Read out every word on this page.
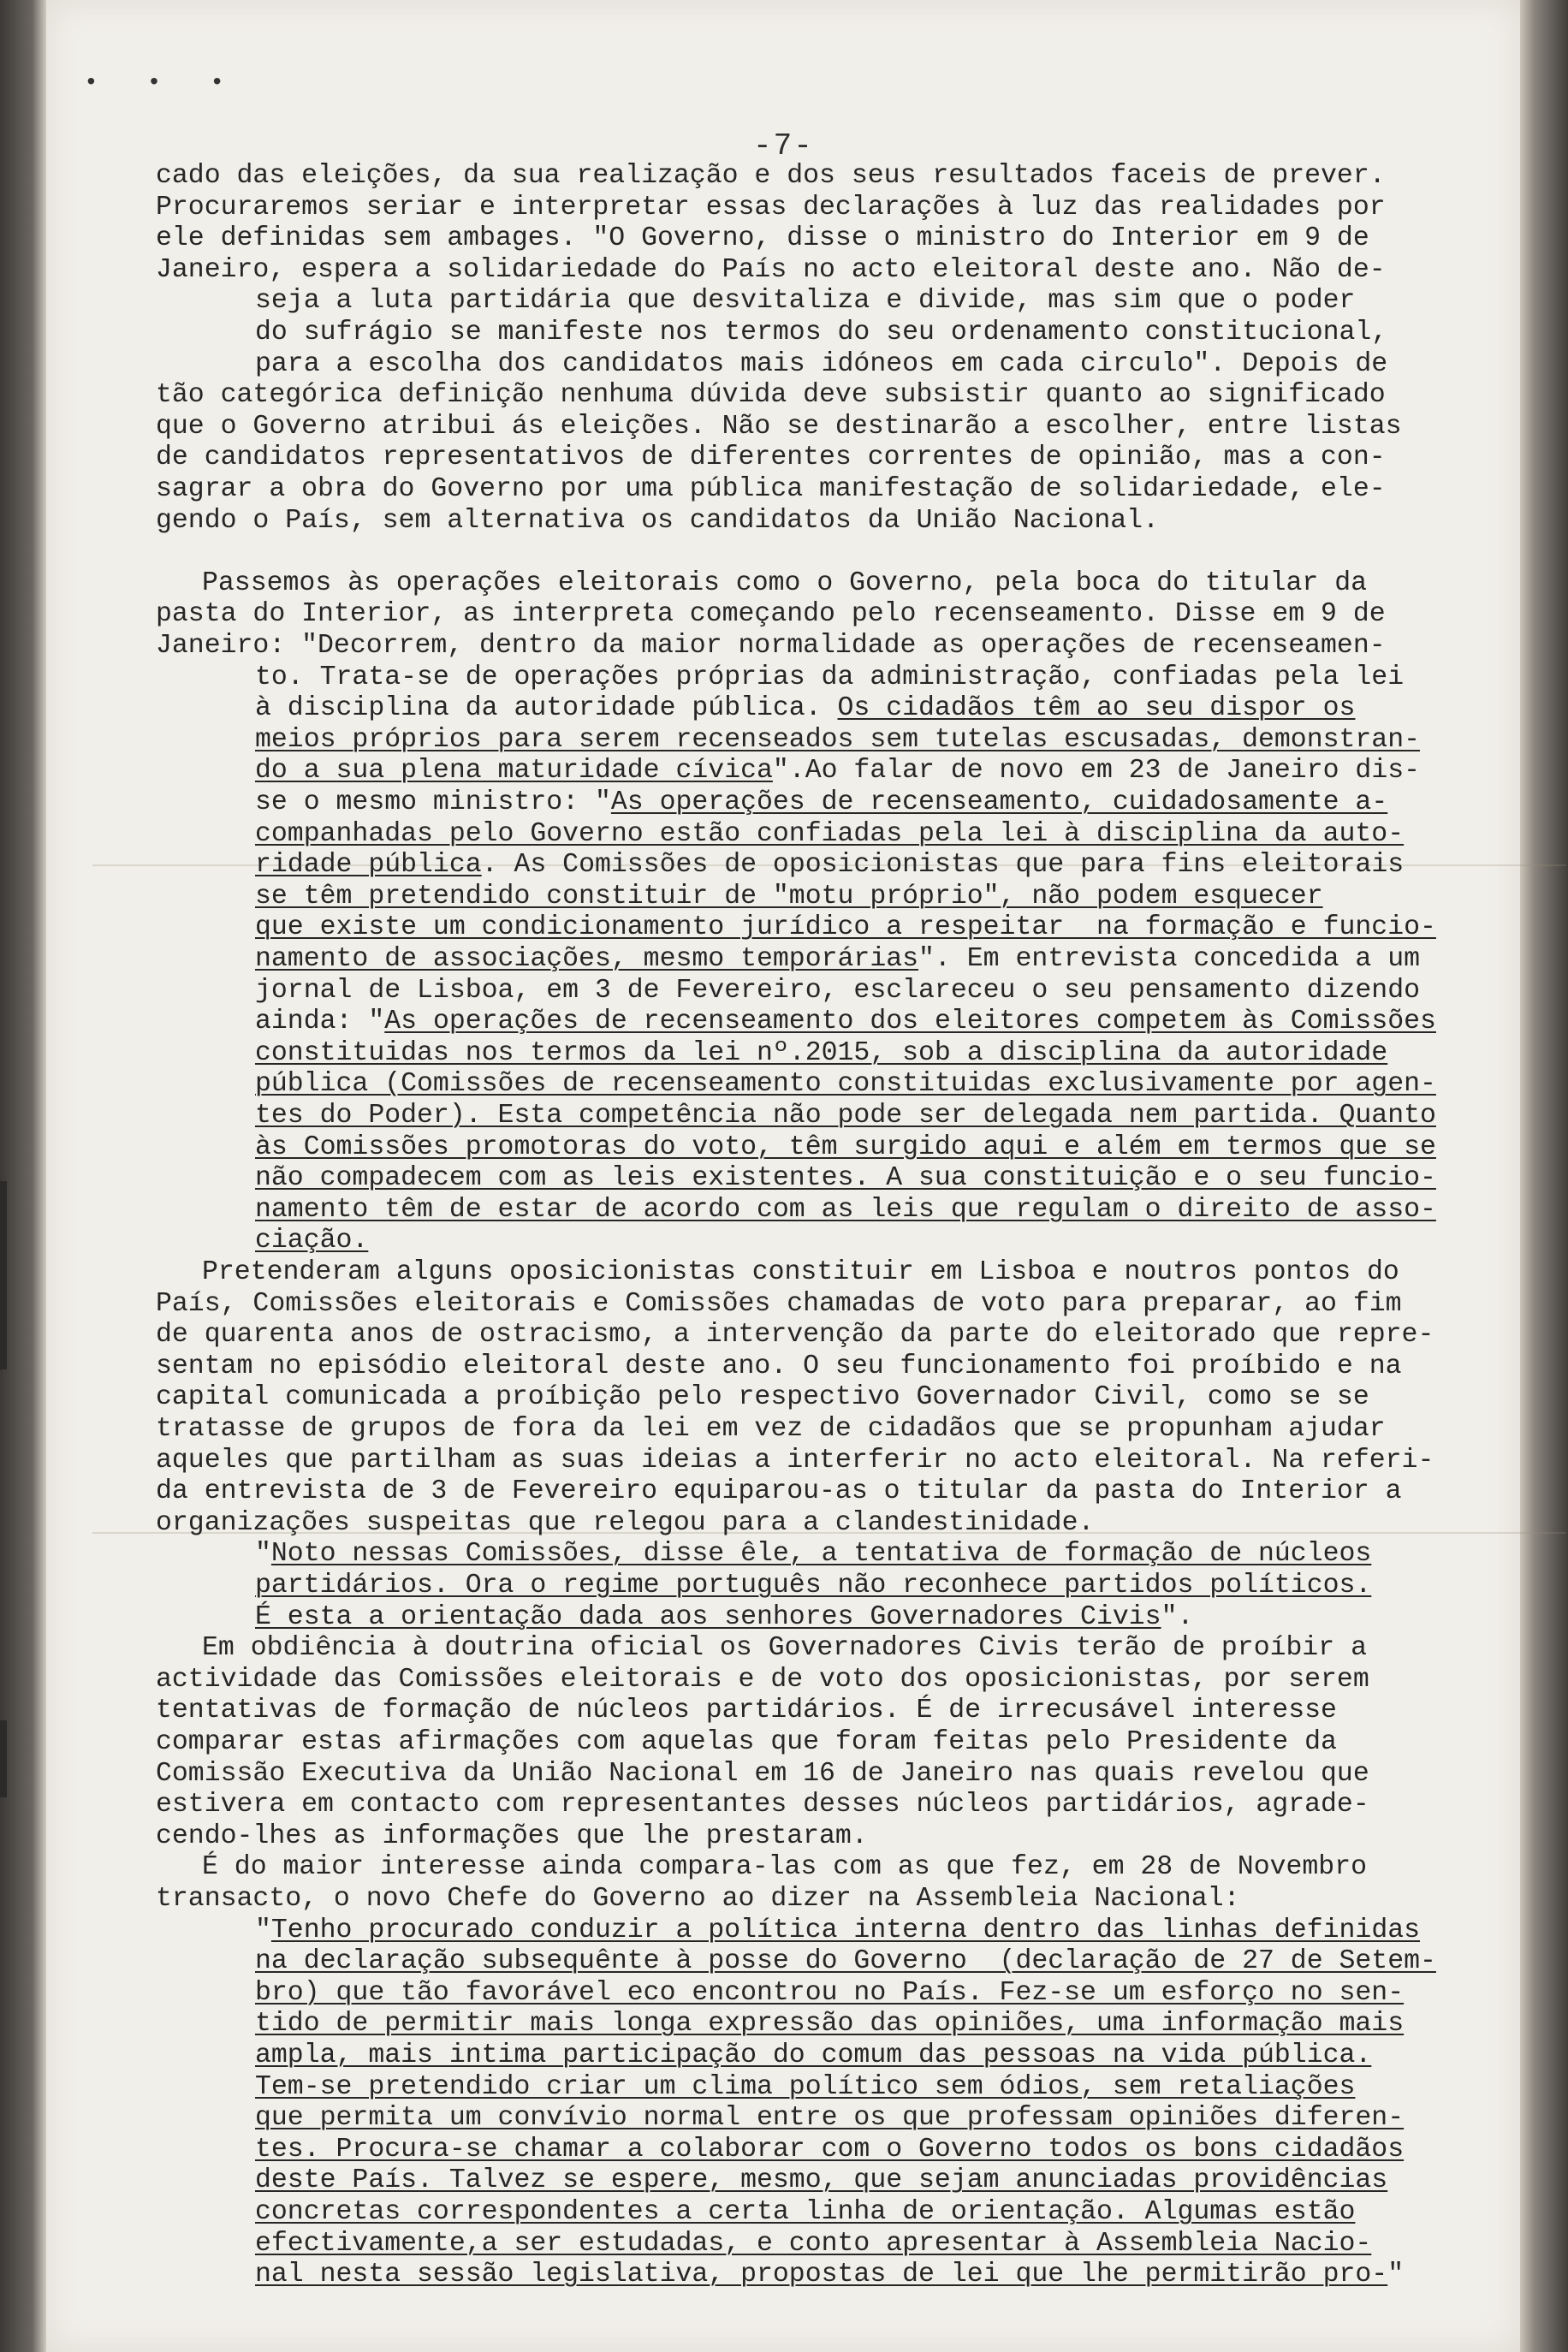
• • •
-7-
cado das eleições, da sua realização e dos seus resultados faceis de prever.
Procuraremos seriar e interpretar essas declarações à luz das realidades por
ele definidas sem ambages. "O Governo, disse o ministro do Interior em 9 de
Janeiro, espera a solidariedade do País no acto eleitoral deste ano. Não de-
seja a luta partidária que desvitaliza e divide, mas sim que o poder
do sufrágio se manifeste nos termos do seu ordenamento constitucional,
para a escolha dos candidatos mais idóneos em cada circulo". Depois de
tão categórica definição nenhuma dúvida deve subsistir quanto ao significado
que o Governo atribui ás eleições. Não se destinarão a escolher, entre listas
de candidatos representativos de diferentes correntes de opinião, mas a con-
sagrar a obra do Governo por uma pública manifestação de solidariedade, ele-
gendo o País, sem alternativa os candidatos da União Nacional.
Passemos às operações eleitorais como o Governo, pela boca do titular da
pasta do Interior, as interpreta começando pelo recenseamento. Disse em 9 de
Janeiro: "Decorrem, dentro da maior normalidade as operações de recenseamen-
to. Trata-se de operações próprias da administração, confiadas pela lei
à disciplina da autoridade pública. Os cidadãos têm ao seu dispor os
meios próprios para serem recenseados sem tutelas escusadas, demonstran-
do a sua plena maturidade cívica".Ao falar de novo em 23 de Janeiro dis-
se o mesmo ministro: "As operações de recenseamento, cuidadosamente a-
companhadas pelo Governo estão confiadas pela lei à disciplina da auto-
ridade pública. As Comissões de oposicionistas que para fins eleitorais
se têm pretendido constituir de "motu próprio", não podem esquecer
que existe um condicionamento jurídico a respeitar  na formação e funcio-
namento de associações, mesmo temporárias". Em entrevista concedida a um
jornal de Lisboa, em 3 de Fevereiro, esclareceu o seu pensamento dizendo
ainda: "As operações de recenseamento dos eleitores competem às Comissões
constituidas nos termos da lei nº.2015, sob a disciplina da autoridade
pública (Comissões de recenseamento constituidas exclusivamente por agen-
tes do Poder). Esta competência não pode ser delegada nem partida. Quanto
às Comissões promotoras do voto, têm surgido aqui e além em termos que se
não compadecem com as leis existentes. A sua constituição e o seu funcio-
namento têm de estar de acordo com as leis que regulam o direito de asso-
ciação.
Pretenderam alguns oposicionistas constituir em Lisboa e noutros pontos do
País, Comissões eleitorais e Comissões chamadas de voto para preparar, ao fim
de quarenta anos de ostracismo, a intervenção da parte do eleitorado que repre-
sentam no episódio eleitoral deste ano. O seu funcionamento foi proíbido e na
capital comunicada a proíbição pelo respectivo Governador Civil, como se se
tratasse de grupos de fora da lei em vez de cidadãos que se propunham ajudar
aqueles que partilham as suas ideias a interferir no acto eleitoral. Na referi-
da entrevista de 3 de Fevereiro equiparou-as o titular da pasta do Interior a
organizações suspeitas que relegou para a clandestinidade.
"Noto nessas Comissões, disse êle, a tentativa de formação de núcleos
partidários. Ora o regime português não reconhece partidos políticos.
É esta a orientação dada aos senhores Governadores Civis".
Em obdiência à doutrina oficial os Governadores Civis terão de proíbir a
actividade das Comissões eleitorais e de voto dos oposicionistas, por serem
tentativas de formação de núcleos partidários. É de irrecusável interesse
comparar estas afirmações com aquelas que foram feitas pelo Presidente da
Comissão Executiva da União Nacional em 16 de Janeiro nas quais revelou que
estivera em contacto com representantes desses núcleos partidários, agrade-
cendo-lhes as informações que lhe prestaram.
É do maior interesse ainda compara-las com as que fez, em 28 de Novembro
transacto, o novo Chefe do Governo ao dizer na Assembleia Nacional:
"Tenho procurado conduzir a política interna dentro das linhas definidas
na declaração subsequênte à posse do Governo  (declaração de 27 de Setem-
bro) que tão favorável eco encontrou no País. Fez-se um esforço no sen-
tido de permitir mais longa expressão das opiniões, uma informação mais
ampla, mais intima participação do comum das pessoas na vida pública.
Tem-se pretendido criar um clima político sem ódios, sem retaliações
que permita um convívio normal entre os que professam opiniões diferen-
tes. Procura-se chamar a colaborar com o Governo todos os bons cidadãos
deste País. Talvez se espere, mesmo, que sejam anunciadas providências
concretas correspondentes a certa linha de orientação. Algumas estão
efectivamente,a ser estudadas, e conto apresentar à Assembleia Nacio-
nal nesta sessão legislativa, propostas de lei que lhe permitirão pro-"
